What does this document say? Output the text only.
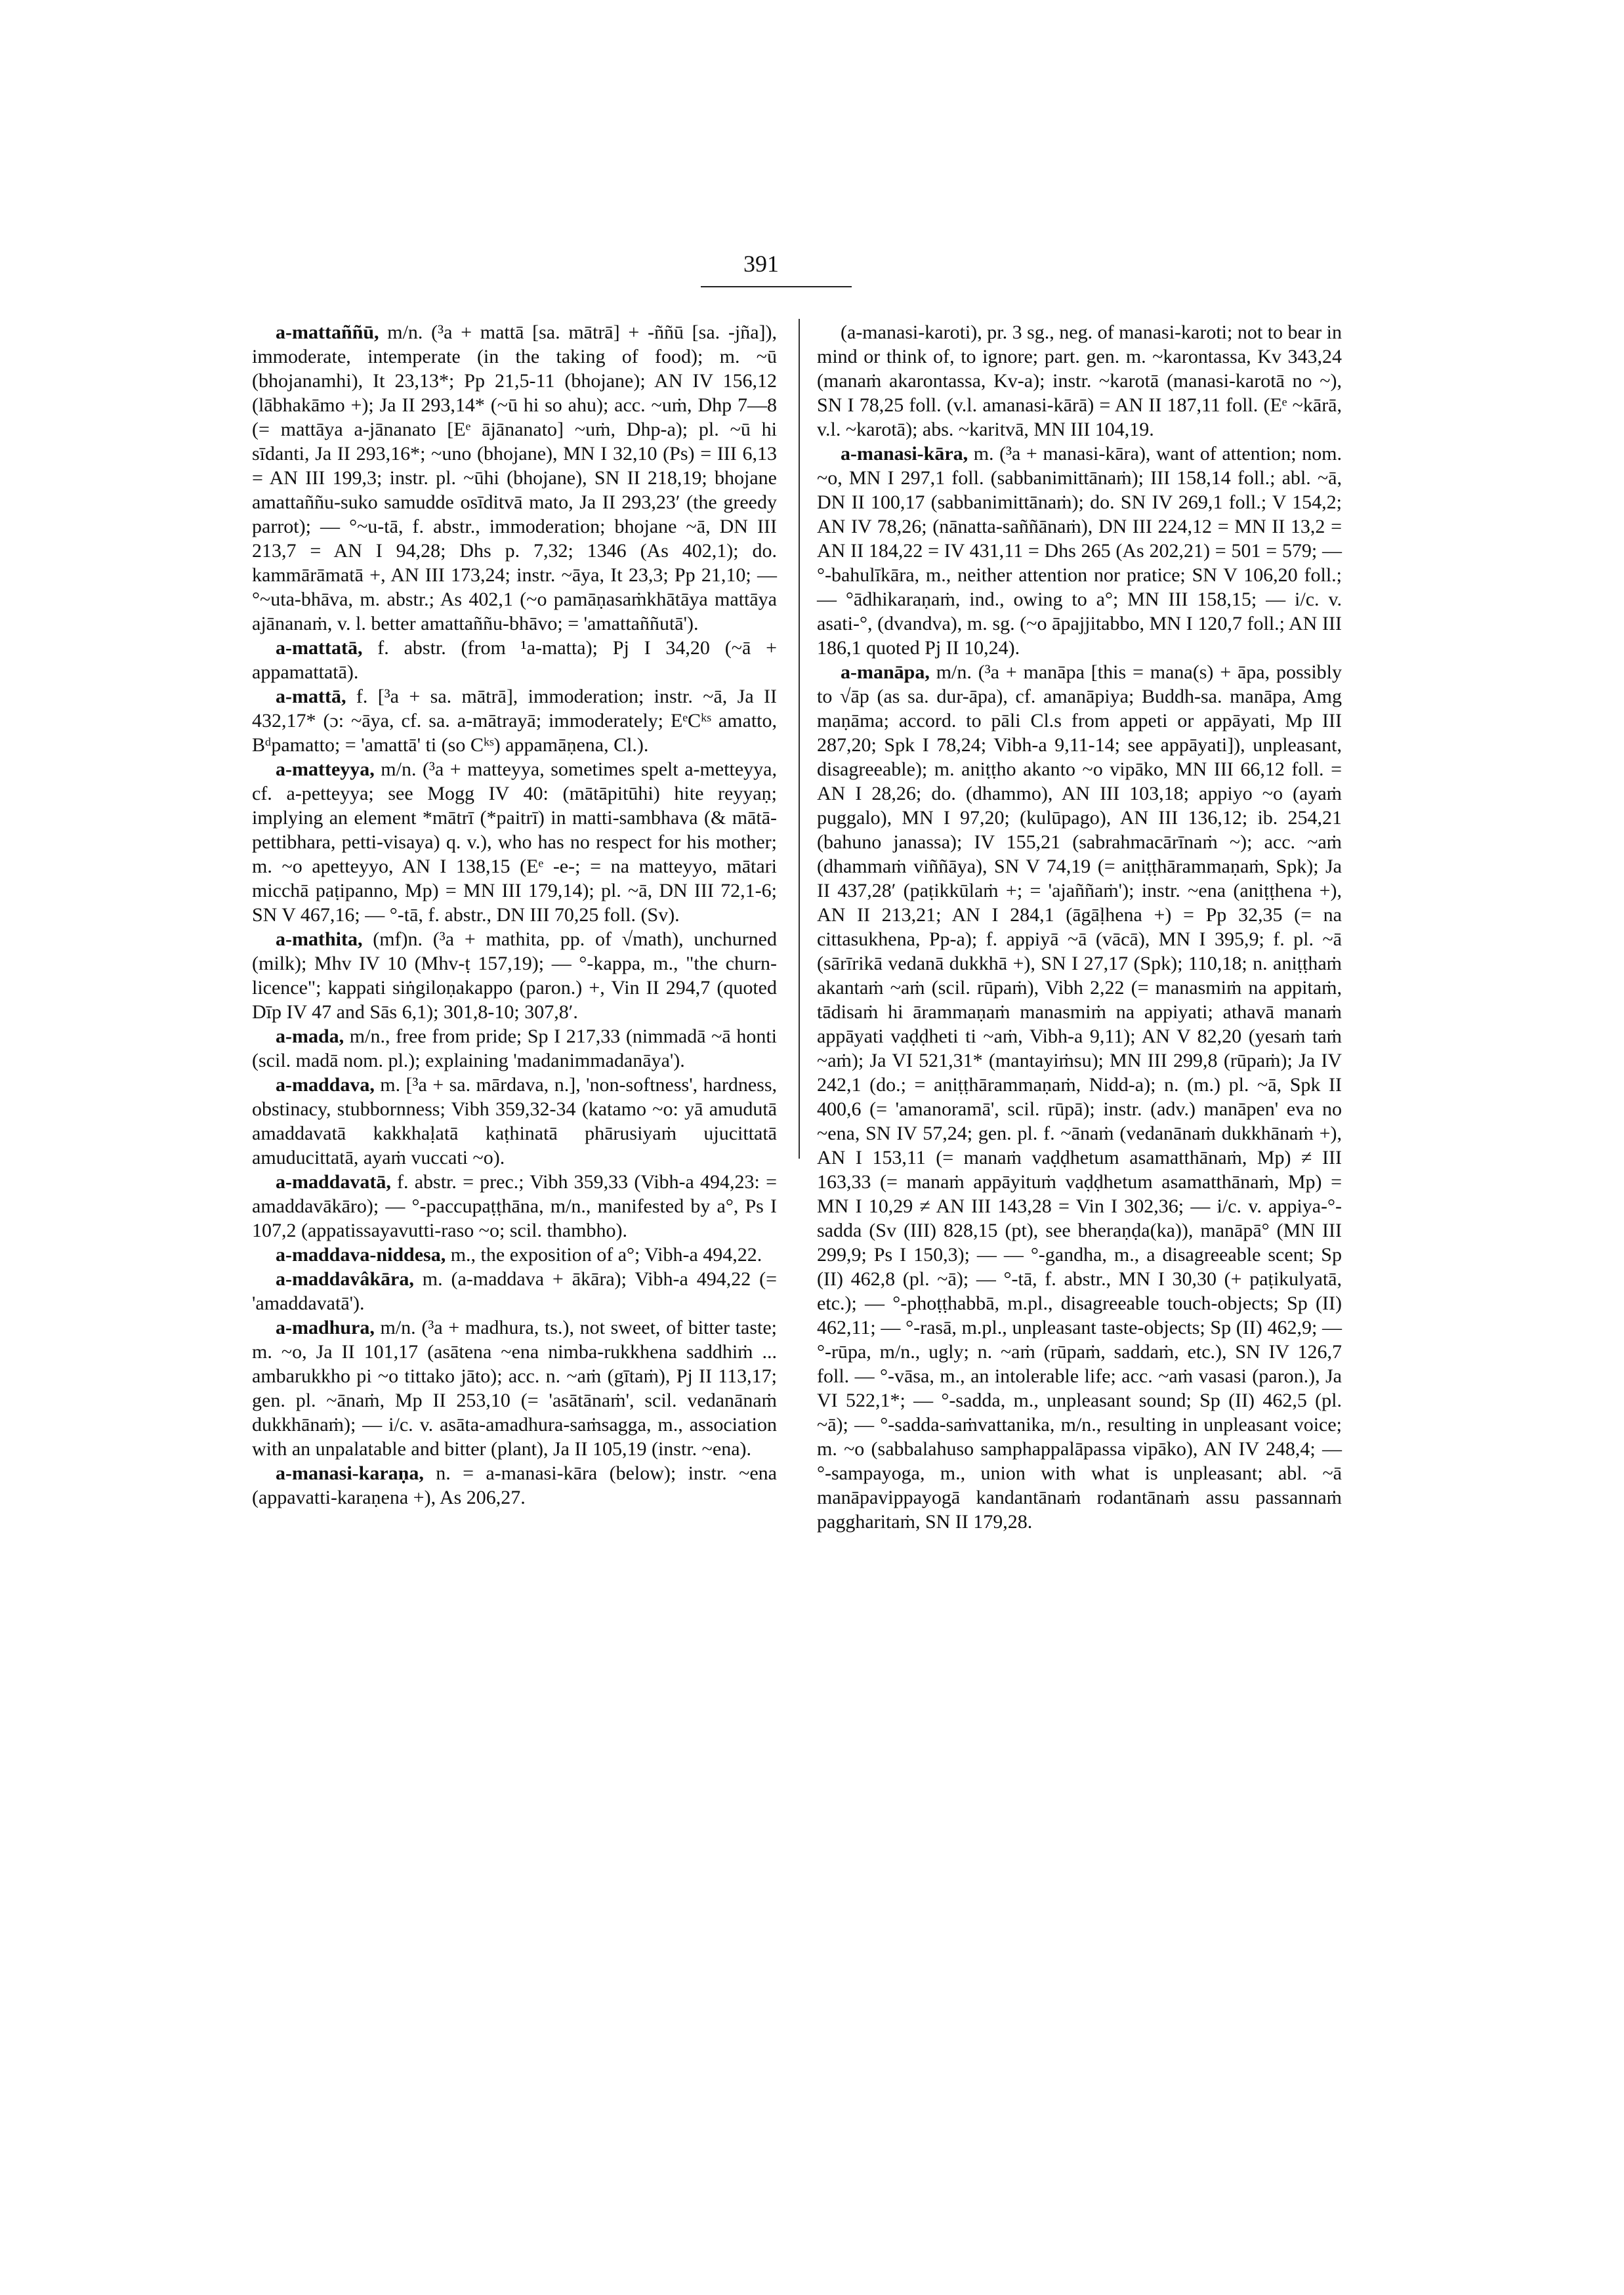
391

a-mattaññū, m/n. (³a + mattā [sa. mātrā] + -ññū [sa. -jña]), immoderate, intemperate (in the taking of food); m. ~ū (bhojanamhi), It 23,13*; Pp 21,5-11 (bhojane); AN IV 156,12 (lābhakāmo +); Ja II 293,14* (~ū hi so ahu); acc. ~uṁ, Dhp 7—8 (= mattāya a-jānanato [Eᵉ ājānanato] ~uṁ, Dhp-a); pl. ~ū hi sīdanti, Ja II 293,16*; ~uno (bhojane), MN I 32,10 (Ps) = III 6,13 = AN III 199,3; instr. pl. ~ūhi (bhojane), SN II 218,19; bhojane amattaññu-suko samudde osīditvā mato, Ja II 293,23′ (the greedy parrot); — °~u-tā, f. abstr., immoderation; bhojane ~ā, DN III 213,7 = AN I 94,28; Dhs p. 7,32; 1346 (As 402,1); do. kammārāmatā +, AN III 173,24; instr. ~āya, It 23,3; Pp 21,10; — °~uta-bhāva, m. abstr.; As 402,1 (~o pamāṇasaṁkhātāya mattāya ajānanaṁ, v. l. better amattaññu-bhāvo; = 'amattaññutā').

a-mattatā, f. abstr. (from ¹a-matta); Pj I 34,20 (~ā + appamattatā).

a-mattā, f. [³a + sa. mātrā], immoderation; instr. ~ā, Ja II 432,17* (ɔ: ~āya, cf. sa. a-mātrayā; immoderately; EᵉCᵏˢ amatto, Bᵈpamatto; = 'amattā' ti (so Cᵏˢ) appamāṇena, Cl.).

a-matteyya, m/n. (³a + matteyya, sometimes spelt a-metteyya, cf. a-petteyya; see Mogg IV 40: (mātāpitūhi) hite reyyaṇ; implying an element *mātrī (*paitrī) in matti-sambhava (& mātā-pettibhara, petti-visaya) q. v.), who has no respect for his mother; m. ~o apetteyyo, AN I 138,15 (Eᵉ -e-; = na matteyyo, mātari micchā paṭipanno, Mp) = MN III 179,14); pl. ~ā, DN III 72,1-6; SN V 467,16; — °-tā, f. abstr., DN III 70,25 foll. (Sv).

a-mathita, (mf)n. (³a + mathita, pp. of √math), unchurned (milk); Mhv IV 10 (Mhv-ṭ 157,19); — °-kappa, m., "the churn-licence"; kappati siṅgiloṇakappo (paron.) +, Vin II 294,7 (quoted Dīp IV 47 and Sās 6,1); 301,8-10; 307,8′.

a-mada, m/n., free from pride; Sp I 217,33 (nimmadā ~ā honti (scil. madā nom. pl.); explaining 'madanimmadanāya').

a-maddava, m. [³a + sa. mārdava, n.], 'non-softness', hardness, obstinacy, stubbornness; Vibh 359,32-34 (katamo ~o: yā amudutā amaddavatā kakkhaḷatā kaṭhinatā phārusiyaṁ ujucittatā amuducittatā, ayaṁ vuccati ~o).

a-maddavatā, f. abstr. = prec.; Vibh 359,33 (Vibh-a 494,23: = amaddavākāro); — °-paccupaṭṭhāna, m/n., manifested by a°, Ps I 107,2 (appatissayavutti-raso ~o; scil. thambho).

a-maddava-niddesa, m., the exposition of a°; Vibh-a 494,22.

a-maddavâkāra, m. (a-maddava + ākāra); Vibh-a 494,22 (= 'amaddavatā').

a-madhura, m/n. (³a + madhura, ts.), not sweet, of bitter taste; m. ~o, Ja II 101,17 (asātena ~ena nimba-rukkhena saddhiṁ ... ambarukkho pi ~o tittako jāto); acc. n. ~aṁ (gītaṁ), Pj II 113,17; gen. pl. ~ānaṁ, Mp II 253,10 (= 'asātānaṁ', scil. vedanānaṁ dukkhānaṁ); — i/c. v. asāta-amadhura-saṁsagga, m., association with an unpalatable and bitter (plant), Ja II 105,19 (instr. ~ena).

a-manasi-karaṇa, n. = a-manasi-kāra (below); instr. ~ena (appavatti-karaṇena +), As 206,27.

(a-manasi-karoti), pr. 3 sg., neg. of manasi-karoti; not to bear in mind or think of, to ignore; part. gen. m. ~karontassa, Kv 343,24 (manaṁ akarontassa, Kv-a); instr. ~karotā (manasi-karotā no ~), SN I 78,25 foll. (v.l. amanasi-kārā) = AN II 187,11 foll. (Eᵉ ~kārā, v.l. ~karotā); abs. ~karitvā, MN III 104,19.

a-manasi-kāra, m. (³a + manasi-kāra), want of attention; nom. ~o, MN I 297,1 foll. (sabbanimittānaṁ); III 158,14 foll.; abl. ~ā, DN II 100,17 (sabbanimittānaṁ); do. SN IV 269,1 foll.; V 154,2; AN IV 78,26; (nānatta-saññānaṁ), DN III 224,12 = MN II 13,2 = AN II 184,22 = IV 431,11 = Dhs 265 (As 202,21) = 501 = 579; — °-bahulīkāra, m., neither attention nor pratice; SN V 106,20 foll.; — °ādhikaraṇaṁ, ind., owing to a°; MN III 158,15; — i/c. v. asati-°, (dvandva), m. sg. (~o āpajjitabbo, MN I 120,7 foll.; AN III 186,1 quoted Pj II 10,24).

a-manāpa, m/n. (³a + manāpa [this = mana(s) + āpa, possibly to √āp (as sa. dur-āpa), cf. amanāpiya; Buddh-sa. manāpa, Amg maṇāma; accord. to pāli Cl.s from appeti or appāyati, Mp III 287,20; Spk I 78,24; Vibh-a 9,11-14; see appāyati]), unpleasant, disagreeable); m. aniṭṭho akanto ~o vipāko, MN III 66,12 foll. = AN I 28,26; do. (dhammo), AN III 103,18; appiyo ~o (ayaṁ puggalo), MN I 97,20; (kulūpago), AN III 136,12; ib. 254,21 (bahuno janassa); IV 155,21 (sabrahmacārīnaṁ ~); acc. ~aṁ (dhammaṁ viññāya), SN V 74,19 (= aniṭṭhārammaṇaṁ, Spk); Ja II 437,28′ (paṭikkūlaṁ +; = 'ajaññaṁ'); instr. ~ena (aniṭṭhena +), AN II 213,21; AN I 284,1 (āgāḷhena +) = Pp 32,35 (= na cittasukhena, Pp-a); f. appiyā ~ā (vācā), MN I 395,9; f. pl. ~ā (sārīrikā vedanā dukkhā +), SN I 27,17 (Spk); 110,18; n. aniṭṭhaṁ akantaṁ ~aṁ (scil. rūpaṁ), Vibh 2,22 (= manasmiṁ na appitaṁ, tādisaṁ hi ārammaṇaṁ manasmiṁ na appiyati; athavā manaṁ appāyati vaḍḍheti ti ~aṁ, Vibh-a 9,11); AN V 82,20 (yesaṁ taṁ ~aṁ); Ja VI 521,31* (mantayiṁsu); MN III 299,8 (rūpaṁ); Ja IV 242,1 (do.; = aniṭṭhārammaṇaṁ, Nidd-a); n. (m.) pl. ~ā, Spk II 400,6 (= 'amanoramā', scil. rūpā); instr. (adv.) manāpen' eva no ~ena, SN IV 57,24; gen. pl. f. ~ānaṁ (vedanānaṁ dukkhānaṁ +), AN I 153,11 (= manaṁ vaḍḍhetum asamatthānaṁ, Mp) ≠ III 163,33 (= manaṁ appāyituṁ vaḍḍhetum asamatthānaṁ, Mp) = MN I 10,29 ≠ AN III 143,28 = Vin I 302,36; — i/c. v. appiya-°-sadda (Sv (III) 828,15 (pt), see bheraṇḍa(ka)), manāpā° (MN III 299,9; Ps I 150,3); — — °-gandha, m., a disagreeable scent; Sp (II) 462,8 (pl. ~ā); — °-tā, f. abstr., MN I 30,30 (+ paṭikulyatā, etc.); — °-phoṭṭhabbā, m.pl., disagreeable touch-objects; Sp (II) 462,11; — °-rasā, m.pl., unpleasant taste-objects; Sp (II) 462,9; — °-rūpa, m/n., ugly; n. ~aṁ (rūpaṁ, saddaṁ, etc.), SN IV 126,7 foll. — °-vāsa, m., an intolerable life; acc. ~aṁ vasasi (paron.), Ja VI 522,1*; — °-sadda, m., unpleasant sound; Sp (II) 462,5 (pl. ~ā); — °-sadda-saṁvattanika, m/n., resulting in unpleasant voice; m. ~o (sabbalahuso samphappalāpassa vipāko), AN IV 248,4; — °-sampayoga, m., union with what is unpleasant; abl. ~ā manāpavippayogā kandantānaṁ rodantānaṁ assu passannaṁ paggharitaṁ, SN II 179,28.
